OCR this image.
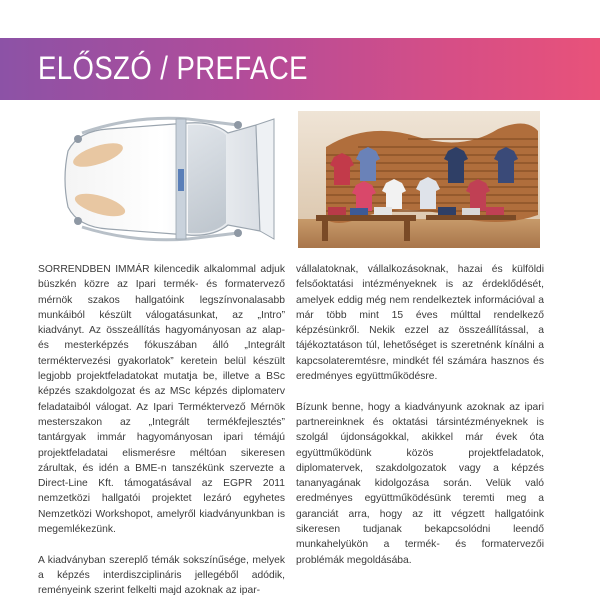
ELŐSZÓ / PREFACE

SORRENDBEN IMMÁR kilencedik alkalommal adjuk büszkén közre az Ipari termék- és formatervező mérnök szakos hallgatóink legszínvonalasabb munkáiból készült válogatásunkat, az „Intro” kiadványt. Az összeállítás hagyományosan az alap- és mesterképzés fókuszában álló „Integrált terméktervezési gyakorlatok” keretein belül készült legjobb projektfeladatokat mutatja be, illetve a BSc képzés szakdolgozat és az MSc képzés diplomaterv feladataiból válogat. Az Ipari Terméktervező Mérnök mesterszakon az „Integrált termékfejlesztés” tantárgyak immár hagyományosan ipari témájú projektfeladatai elismerésre méltóan sikeresen zárultak, és idén a BME-n tanszékünk szervezte a Direct-Line Kft. támogatásával az EGPR 2011 nemzetközi hallgatói projektet lezáró egyhetes Nemzetközi Workshopot, amelyről kiadványunkban is megemlékezünk.

A kiadványban szereplő témák sokszínűsége, melyek a képzés interdiszciplináris jellegéből adódik, reményeink szerint felkelti majd azoknak az ipar-

vállalatoknak, vállalkozásoknak, hazai és külföldi felsőoktatási intézményeknek is az érdeklődését, amelyek eddig még nem rendelkeztek információval a már több mint 15 éves múlttal rendelkező képzésünkről. Nekik ezzel az összeállítással, a tájékoztatáson túl, lehetőséget is szeretnénk kínálni a kapcsolateremtésre, mindkét fél számára hasznos és eredményes együttműködésre.

Bízunk benne, hogy a kiadványunk azoknak az ipari partnereinknek és oktatási társintézményeknek is szolgál újdonságokkal, akikkel már évek óta együttműködünk közös projektfeladatok, diplomatervek, szakdolgozatok vagy a képzés tananyagának kidolgozása során. Velük való eredményes együttműködésünk teremti meg a garanciát arra, hogy az itt végzett hallgatóink sikeresen tudjanak bekapcsolódni leendő munkahelyükön a termék- és formatervezői problémák megoldásába.
